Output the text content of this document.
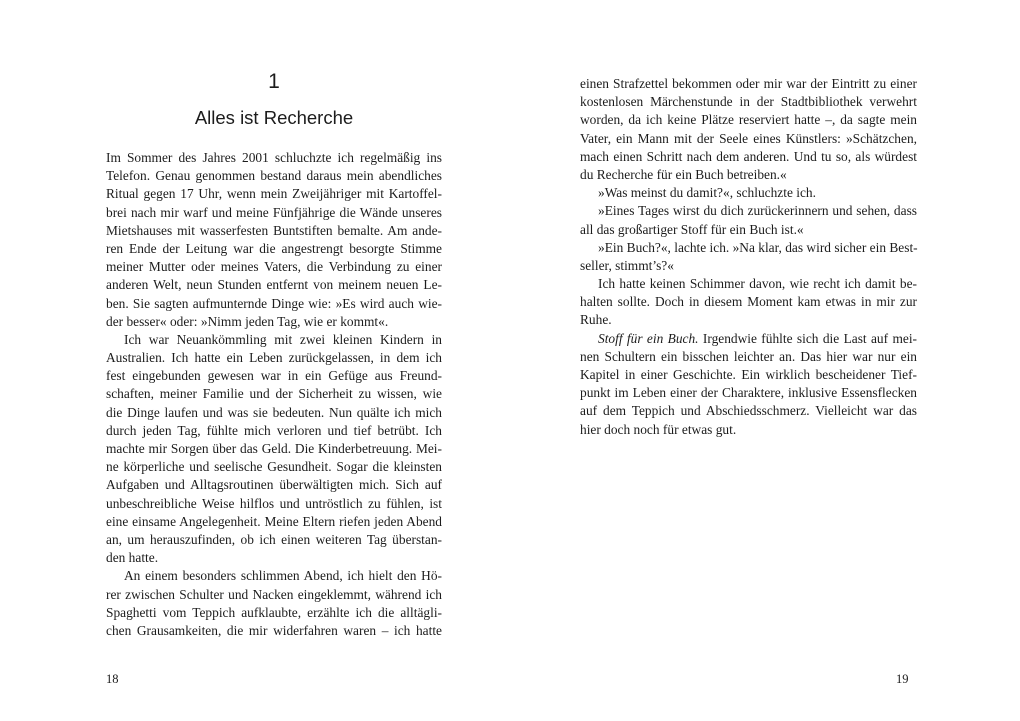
1
Alles ist Recherche
Im Sommer des Jahres 2001 schluchzte ich regelmäßig ins
Telefon. Genau genommen bestand daraus mein abendliches
Ritual gegen 17 Uhr, wenn mein Zweijähriger mit Kartoffel-
brei nach mir warf und meine Fünfjährige die Wände unseres
Mietshauses mit wasserfesten Buntstiften bemalte. Am ande-
ren Ende der Leitung war die angestrengt besorgte Stimme
meiner Mutter oder meines Vaters, die Verbindung zu einer
anderen Welt, neun Stunden entfernt von meinem neuen Le-
ben. Sie sagten aufmunternde Dinge wie: »Es wird auch wie-
der besser« oder: »Nimm jeden Tag, wie er kommt«.
Ich war Neuankömmling mit zwei kleinen Kindern in
Australien. Ich hatte ein Leben zurückgelassen, in dem ich
fest eingebunden gewesen war in ein Gefüge aus Freund-
schaften, meiner Familie und der Sicherheit zu wissen, wie
die Dinge laufen und was sie bedeuten. Nun quälte ich mich
durch jeden Tag, fühlte mich verloren und tief betrübt. Ich
machte mir Sorgen über das Geld. Die Kinderbetreuung. Mei-
ne körperliche und seelische Gesundheit. Sogar die kleinsten
Aufgaben und Alltagsroutinen überwältigten mich. Sich auf
unbeschreibliche Weise hilflos und untröstlich zu fühlen, ist
eine einsame Angelegenheit. Meine Eltern riefen jeden Abend
an, um herauszufinden, ob ich einen weiteren Tag überstan-
den hatte.
An einem besonders schlimmen Abend, ich hielt den Hö-
rer zwischen Schulter und Nacken eingeklemmt, während ich
Spaghetti vom Teppich aufklaubte, erzählte ich die alltägli-
chen Grausamkeiten, die mir widerfahren waren – ich hatte
einen Strafzettel bekommen oder mir war der Eintritt zu einer
kostenlosen Märchenstunde in der Stadtbibliothek verwehrt
worden, da ich keine Plätze reserviert hatte –, da sagte mein
Vater, ein Mann mit der Seele eines Künstlers: »Schätzchen,
mach einen Schritt nach dem anderen. Und tu so, als würdest
du Recherche für ein Buch betreiben.«
»Was meinst du damit?«, schluchzte ich.
»Eines Tages wirst du dich zurückerinnern und sehen, dass
all das großartiger Stoff für ein Buch ist.«
»Ein Buch?«, lachte ich. »Na klar, das wird sicher ein Best-
seller, stimmt’s?«
Ich hatte keinen Schimmer davon, wie recht ich damit be-
halten sollte. Doch in diesem Moment kam etwas in mir zur
Ruhe.
Stoff für ein Buch. Irgendwie fühlte sich die Last auf mei-
nen Schultern ein bisschen leichter an. Das hier war nur ein
Kapitel in einer Geschichte. Ein wirklich bescheidener Tief-
punkt im Leben einer der Charaktere, inklusive Essensflecken
auf dem Teppich und Abschiedsschmerz. Vielleicht war das
hier doch noch für etwas gut.
18	19
